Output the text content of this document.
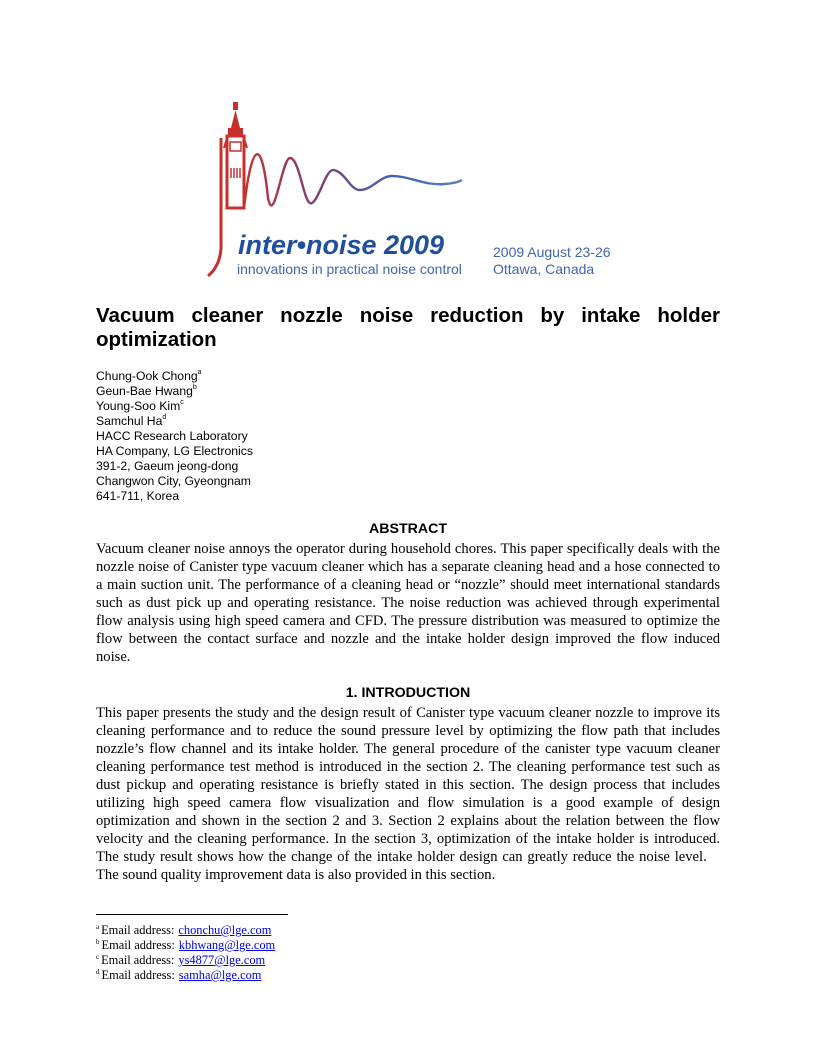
inter•noise 2009
innovations in practical noise control
2009 August 23-26
Ottawa, Canada
Vacuum cleaner nozzle noise reduction by intake holder optimization
Chung-Ook Chong$^a$
Geun-Bae Hwang$^b$
Young-Soo Kim$^c$
Samchul Ha$^d$
HACC Research Laboratory
HA Company, LG Electronics
391-2, Gaeum jeong-dong
Changwon City, Gyeongnam
641-711, Korea
ABSTRACT
Vacuum cleaner noise annoys the operator during household chores. This paper specifically deals with the nozzle noise of Canister type vacuum cleaner which has a separate cleaning head and a hose connected to a main suction unit. The performance of a cleaning head or “nozzle” should meet international standards such as dust pick up and operating resistance. The noise reduction was achieved through experimental flow analysis using high speed camera and CFD. The pressure distribution was measured to optimize the flow between the contact surface and nozzle and the intake holder design improved the flow induced noise.
1. INTRODUCTION
This paper presents the study and the design result of Canister type vacuum cleaner nozzle to improve its cleaning performance and to reduce the sound pressure level by optimizing the flow path that includes nozzle’s flow channel and its intake holder. The general procedure of the canister type vacuum cleaner cleaning performance test method is introduced in the section 2. The cleaning performance test such as dust pickup and operating resistance is briefly stated in this section. The design process that includes utilizing high speed camera flow visualization and flow simulation is a good example of design optimization and shown in the section 2 and 3. Section 2 explains about the relation between the flow velocity and the cleaning performance. In the section 3, optimization of the intake holder is introduced. The study result shows how the change of the intake holder design can greatly reduce the noise level.    The sound quality improvement data is also provided in this section.
$^a$ Email address: chonchu@lge.com
$^b$ Email address: kbhwang@lge.com
$^c$ Email address: ys4877@lge.com
$^d$ Email address: samha@lge.com
